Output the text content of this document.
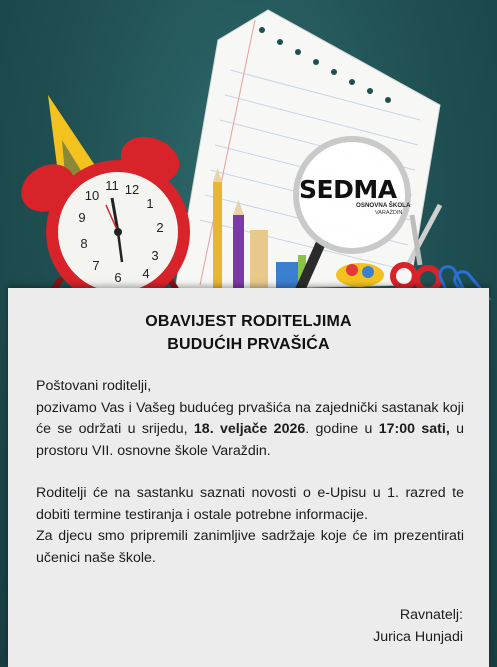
11 12
10
1
9
2
8
3
7
4
6
SEDMA
OSNOVNA ŠKOLA
VARAŽDIN
OBAVIJEST RODITELJIMA
BUDUĆIH PRVAŠIĆA

Poštovani roditelji,

pozivamo Vas i Vašeg budućeg prvašića na zajednički sastanak koji će se održati u srijedu, 18. veljače 2026. godine u 17:00 sati, u prostoru VII. osnovne škole Varaždin.

Roditelji će na sastanku saznati novosti o e-Upisu u 1. razred te dobiti termine testiranja i ostale potrebne informacije.

Za djecu smo pripremili zanimljive sadržaje koje će im prezentirati učenici naše škole.

Ravnatelj:
Jurica Hunjadi
